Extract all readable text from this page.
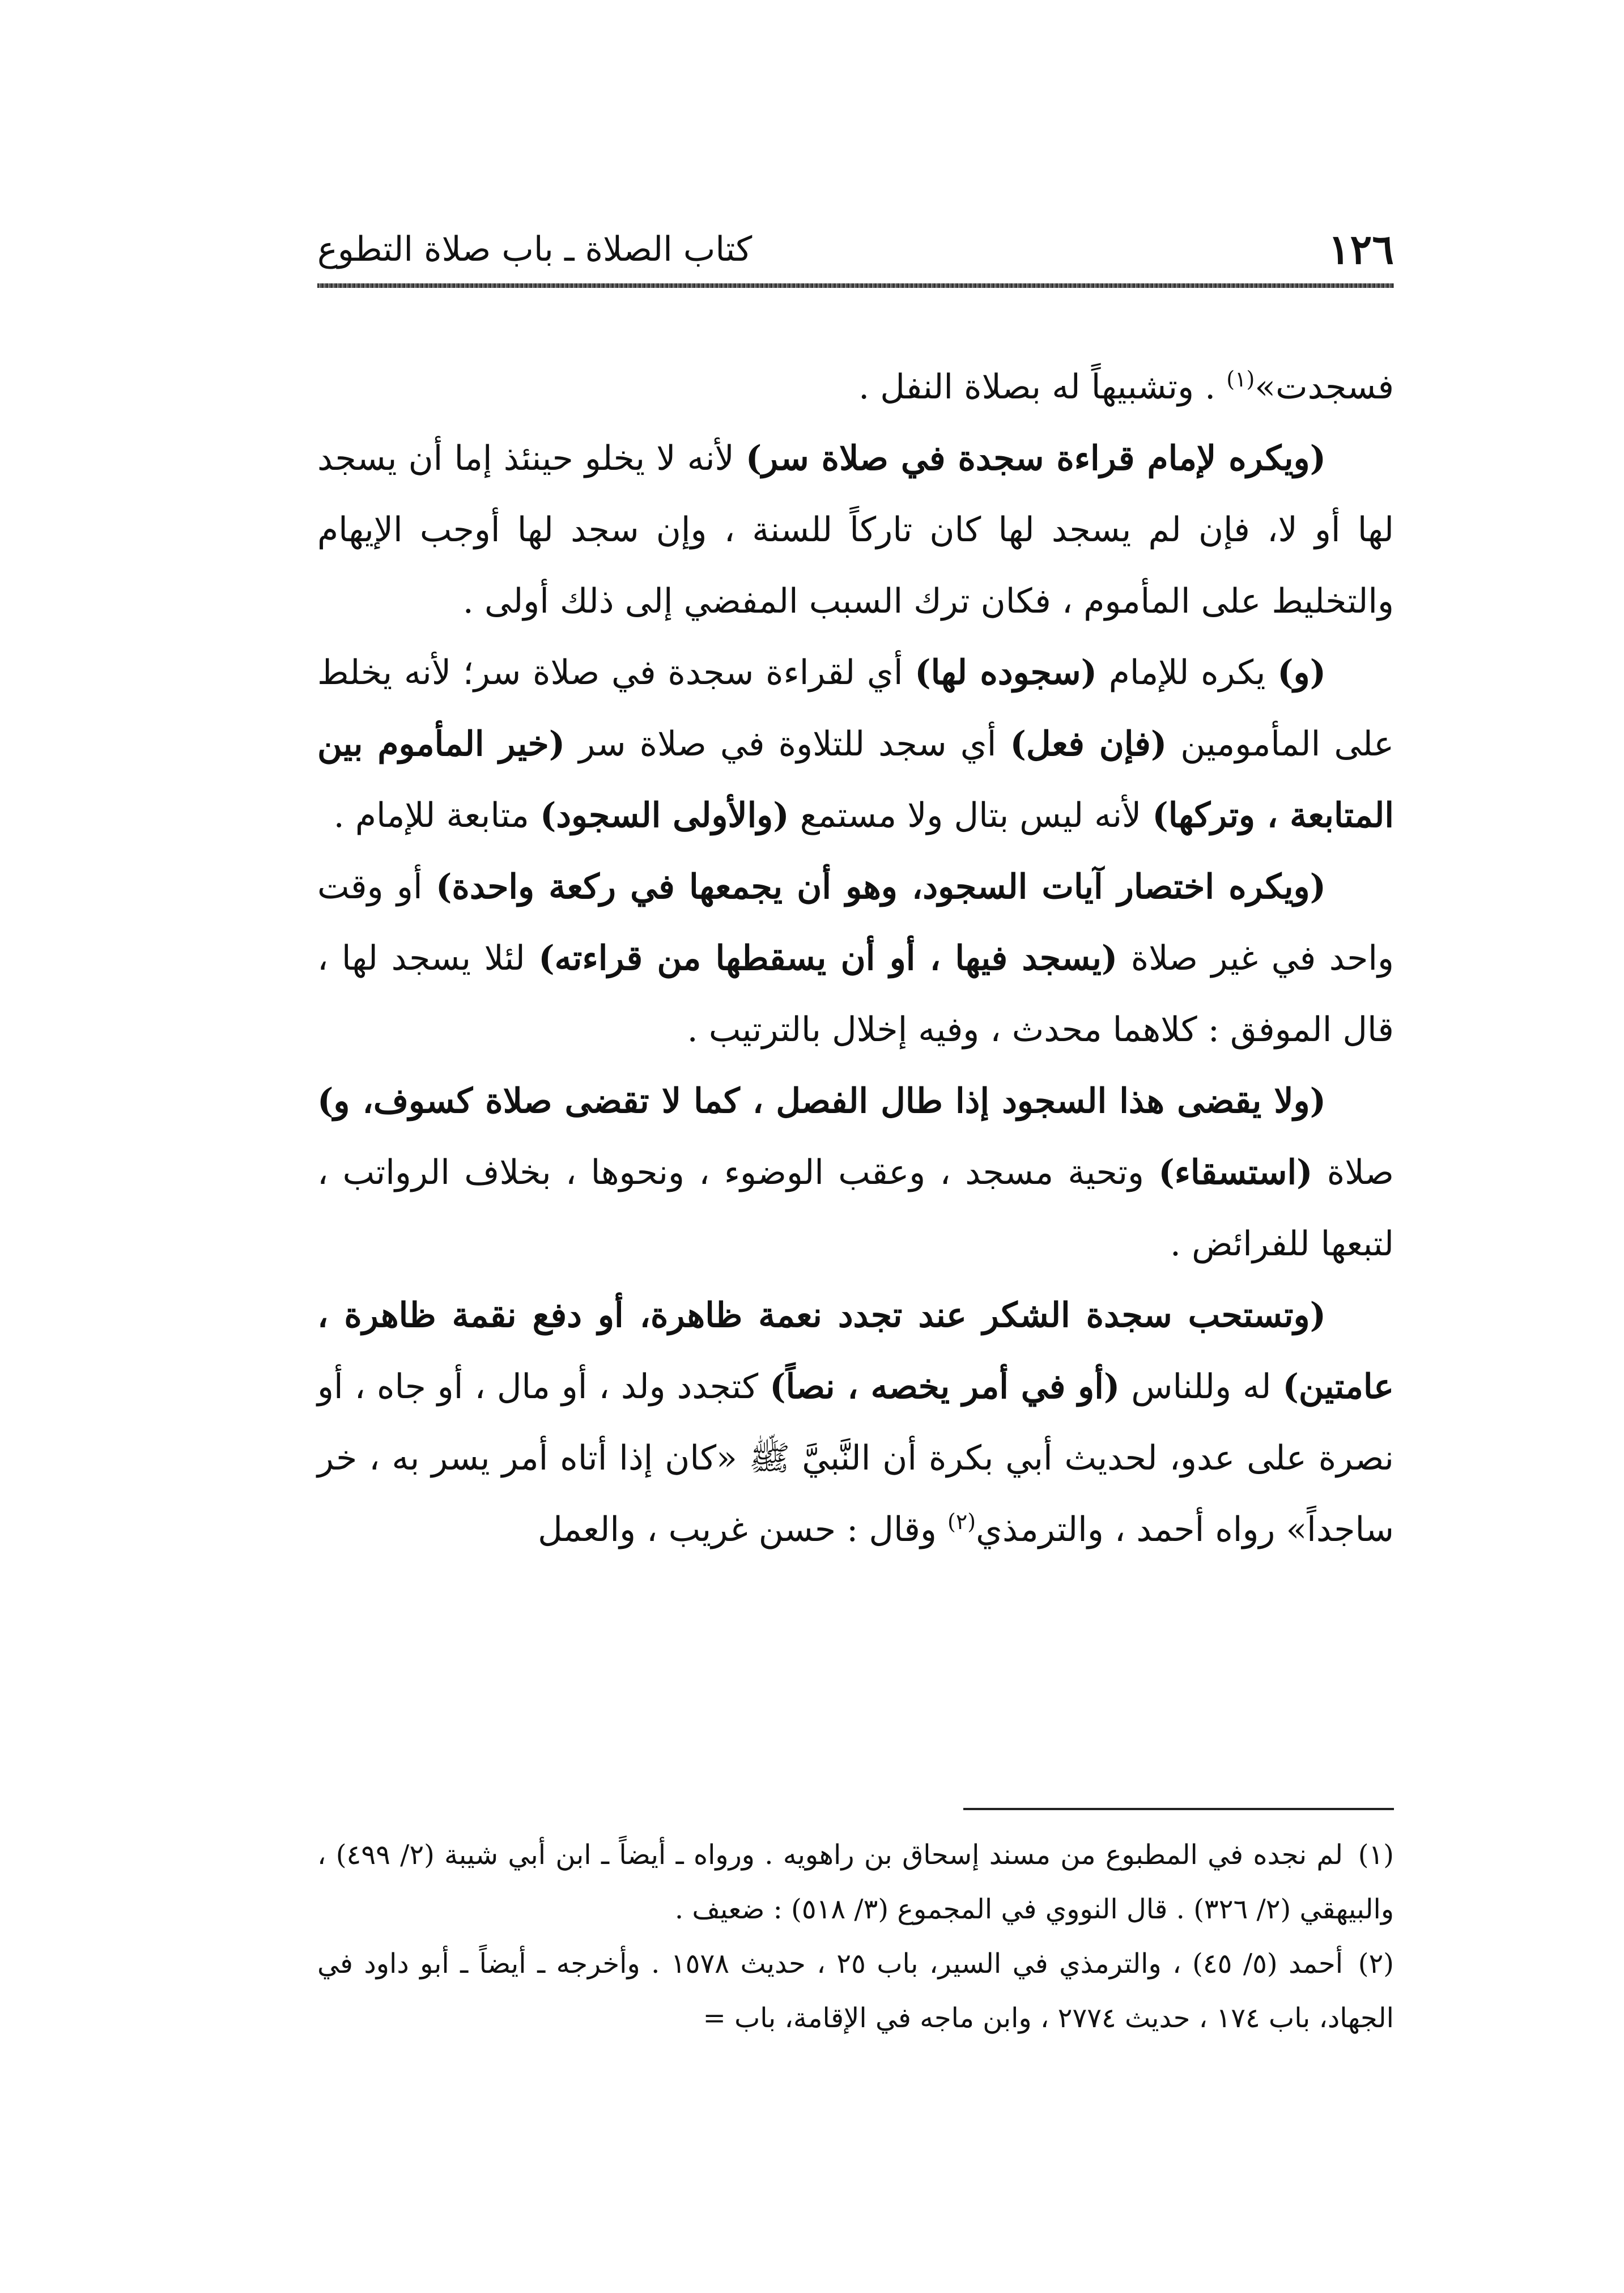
١٢٦
كتاب الصلاة ـ باب صلاة التطوع

فسجدت»$^{(١)}$ . وتشبيهاً له بصلاة النفل .

(ويكره لإمام قراءة سجدة في صلاة سر) لأنه لا يخلو حينئذ إما أن يسجد لها أو لا، فإن لم يسجد لها كان تاركاً للسنة ، وإن سجد لها أوجب الإيهام والتخليط على المأموم ، فكان ترك السبب المفضي إلى ذلك أولى .

(و) يكره للإمام (سجوده لها) أي لقراءة سجدة في صلاة سر؛ لأنه يخلط على المأمومين (فإن فعل) أي سجد للتلاوة في صلاة سر (خير المأموم بين المتابعة ، وتركها) لأنه ليس بتال ولا مستمع (والأولى السجود) متابعة للإمام .

(ويكره اختصار آيات السجود، وهو أن يجمعها في ركعة واحدة) أو وقت واحد في غير صلاة (يسجد فيها ، أو أن يسقطها من قراءته) لئلا يسجد لها ، قال الموفق : كلاهما محدث ، وفيه إخلال بالترتيب .

(ولا يقضى هذا السجود إذا طال الفصل ، كما لا تقضى صلاة كسوف، و) صلاة (استسقاء) وتحية مسجد ، وعقب الوضوء ، ونحوها ، بخلاف الرواتب ، لتبعها للفرائض .

(وتستحب سجدة الشكر عند تجدد نعمة ظاهرة، أو دفع نقمة ظاهرة ، عامتين) له وللناس (أو في أمر يخصه ، نصاً) كتجدد ولد ، أو مال ، أو جاه ، أو نصرة على عدو، لحديث أبي بكرة أن النَّبيَّ ﷺ «كان إذا أتاه أمر يسر به ، خر ساجداً» رواه أحمد ، والترمذي$^{(٢)}$ وقال : حسن غريب ، والعمل

(١)لم نجده في المطبوع من مسند إسحاق بن راهويه . ورواه ـ أيضاً ـ ابن أبي شيبة (٢/ ٤٩٩) ، والبيهقي (٢/ ٣٢٦) . قال النووي في المجموع (٣/ ٥١٨) : ضعيف .

(٢)أحمد (٥/ ٤٥) ، والترمذي في السير، باب ٢٥ ، حديث ١٥٧٨ . وأخرجه ـ أيضاً ـ أبو داود في الجهاد، باب ١٧٤ ، حديث ٢٧٧٤ ، وابن ماجه في الإقامة، باب =
